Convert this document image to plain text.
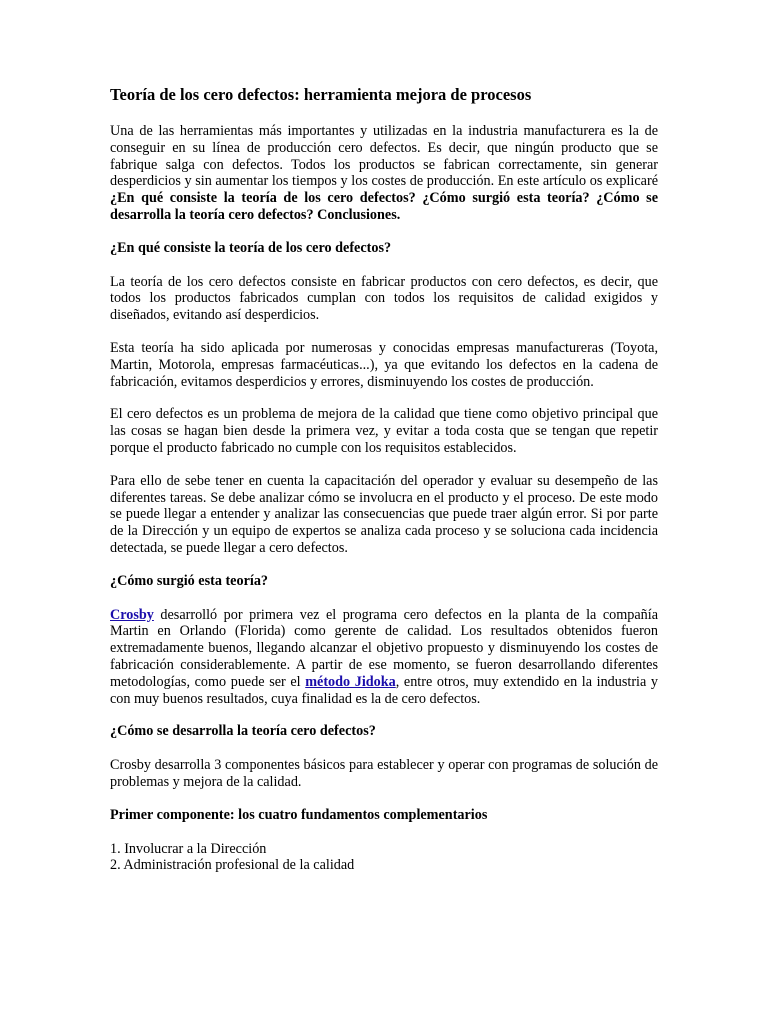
Teoría de los cero defectos: herramienta mejora de procesos

Una de las herramientas más importantes y utilizadas en la industria manufacturera es la de conseguir en su línea de producción cero defectos. Es decir, que ningún producto que se fabrique salga con defectos. Todos los productos se fabrican correctamente, sin generar desperdicios y sin aumentar los tiempos y los costes de producción. En este artículo os explicaré ¿En qué consiste la teoría de los cero defectos? ¿Cómo surgió esta teoría? ¿Cómo se desarrolla la teoría cero defectos? Conclusiones.

¿En qué consiste la teoría de los cero defectos?

La teoría de los cero defectos consiste en fabricar productos con cero defectos, es decir, que todos los productos fabricados cumplan con todos los requisitos de calidad exigidos y diseñados, evitando así desperdicios.

Esta teoría ha sido aplicada por numerosas y conocidas empresas manufactureras (Toyota, Martin, Motorola, empresas farmacéuticas...), ya que evitando los defectos en la cadena de fabricación, evitamos desperdicios y errores, disminuyendo los costes de producción.

El cero defectos es un problema de mejora de la calidad que tiene como objetivo principal que las cosas se hagan bien desde la primera vez, y evitar a toda costa que se tengan que repetir porque el producto fabricado no cumple con los requisitos establecidos.

Para ello de sebe tener en cuenta la capacitación del operador y evaluar su desempeño de las diferentes tareas. Se debe analizar cómo se involucra en el producto y el proceso. De este modo se puede llegar a entender y analizar las consecuencias que puede traer algún error. Si por parte de la Dirección y un equipo de expertos se analiza cada proceso y se soluciona cada incidencia detectada, se puede llegar a cero defectos.

¿Cómo surgió esta teoría?

Crosby desarrolló por primera vez el programa cero defectos en la planta de la compañía Martin en Orlando (Florida) como gerente de calidad. Los resultados obtenidos fueron extremadamente buenos, llegando alcanzar el objetivo propuesto y disminuyendo los costes de fabricación considerablemente. A partir de ese momento, se fueron desarrollando diferentes metodologías, como puede ser el método Jidoka, entre otros, muy extendido en la industria y con muy buenos resultados, cuya finalidad es la de cero defectos.

¿Cómo se desarrolla la teoría cero defectos?

Crosby desarrolla 3 componentes básicos para establecer y operar con programas de solución de problemas y mejora de la calidad.

Primer componente: los cuatro fundamentos complementarios

1. Involucrar a la Dirección
2. Administración profesional de la calidad
